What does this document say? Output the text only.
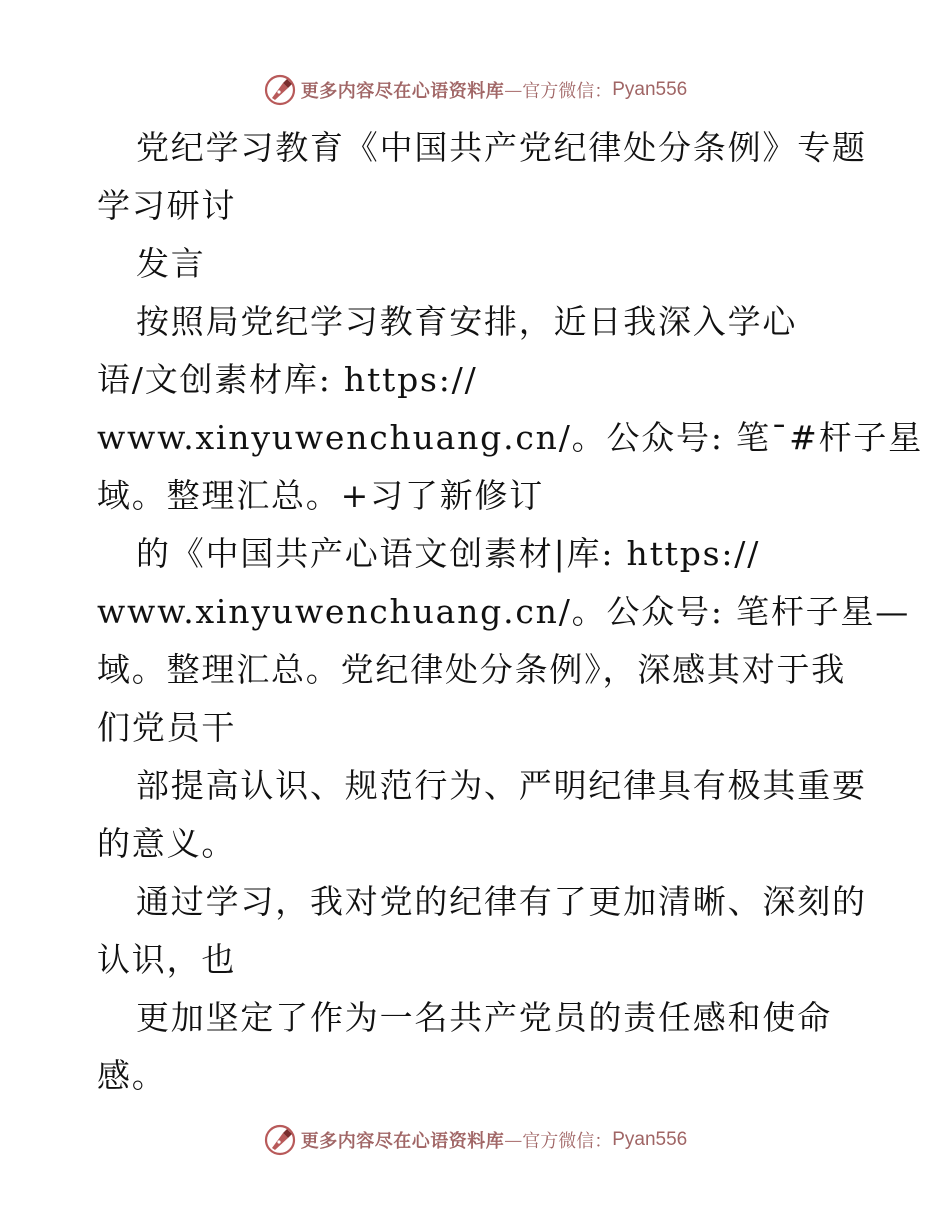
更多内容尽在心语资料库 — 官方微信： Pyan556
党纪学习教育《中国共产党纪律处分条例》专题
学习研讨
发言
按照局党纪学习教育安排，近日我深入学心
语/文创素材库: https://
www.xinyuwenchuang.cn/。公众号: 笔¯#杆子星
域。整理汇总。+习了新修订
的《中国共产心语文创素材|库: https://
www.xinyuwenchuang.cn/。公众号: 笔杆子星—
域。整理汇总。党纪律处分条例》，深感其对于我
们党员干
部提高认识、规范行为、严明纪律具有极其重要
的意义。
通过学习，我对党的纪律有了更加清晰、深刻的
认识，也
更加坚定了作为一名共产党员的责任感和使命
感。
更多内容尽在心语资料库 — 官方微信： Pyan556
